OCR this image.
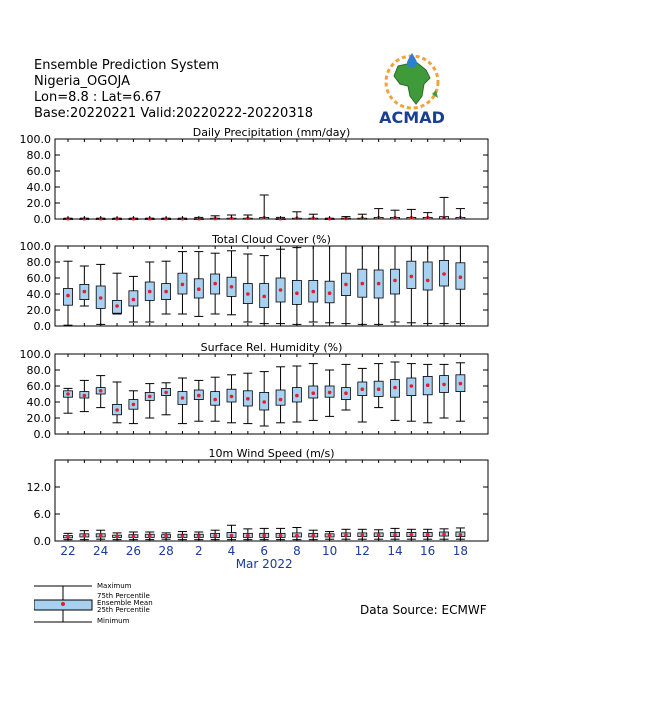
Ensemble Prediction System
Nigeria_OGOJA
Lon=8.8 : Lat=6.67
Base:20220221 Valid:20220222-20220318	ACMAD
Daily Precipitation (mm/day)
0.0
20.0
40.0
60.0
80.0
100.0
Total Cloud Cover (%)
0.0
20.0
40.0
60.0
80.0
100.0
Surface Rel. Humidity (%)
0.0
20.0
40.0
60.0
80.0
100.0
10m Wind Speed (m/s)
0.0
6.0
12.0
22 24 26 28 2 4 6 8 10 12 14 16 18
Mar 2022
Maximum
75th Percentile
Ensemble Mean
25th Percentile
Minimum
Data Source: ECMWF
